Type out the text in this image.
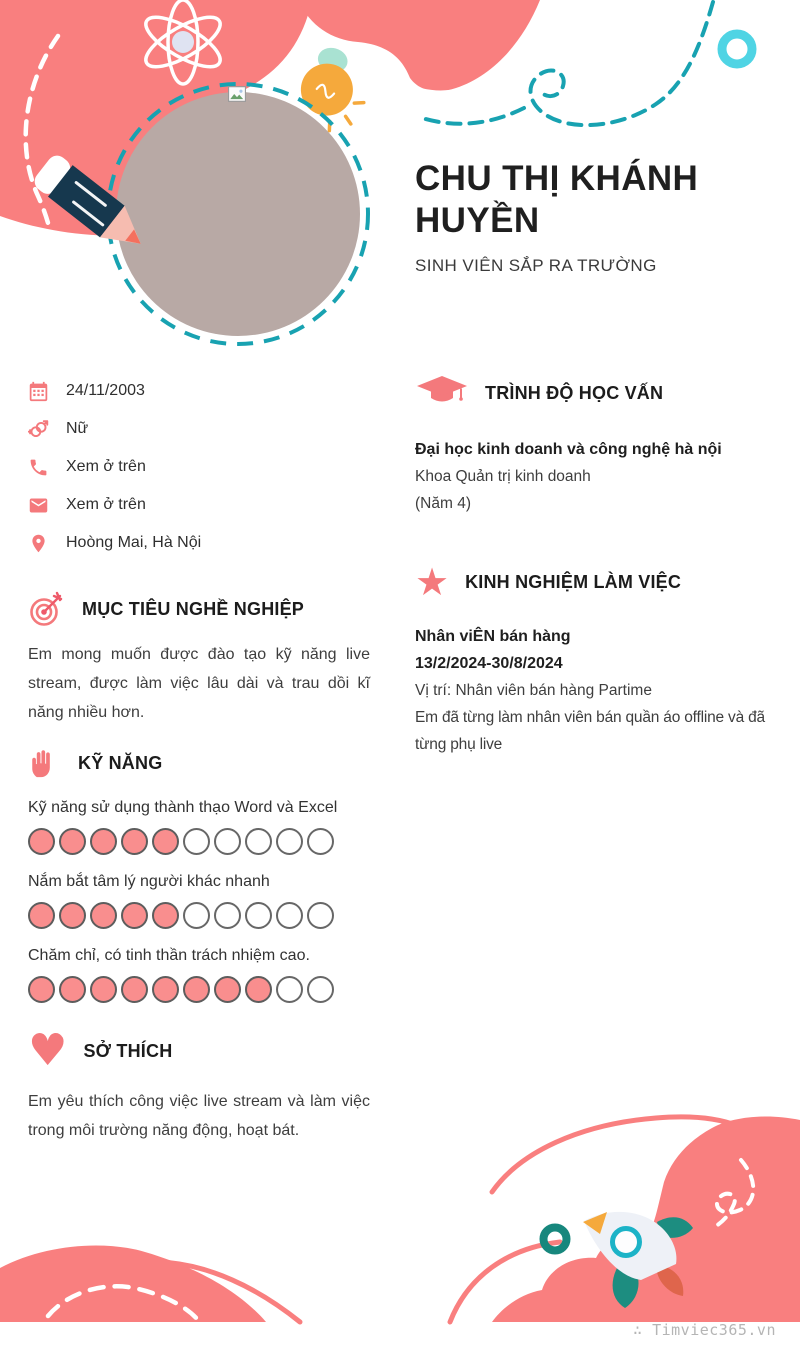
CHU THỊ KHÁNH HUYỀN
SINH VIÊN SẮP RA TRƯỜNG
24/11/2003
Nữ
Xem ở trên
Xem ở trên
Hoòng Mai, Hà Nội
MỤC TIÊU NGHỀ NGHIỆP
Em mong muốn được đào tạo kỹ năng live stream, được làm việc lâu dài và trau dồi kĩ năng nhiều hơn.
KỸ NĂNG
Kỹ năng sử dụng thành thạo Word và Excel
Nắm bắt tâm lý người khác nhanh
Chăm chỉ, có tinh thần trách nhiệm cao.
♥ SỞ THÍCH
Em yêu thích công việc live stream và làm việc trong môi trường năng động, hoạt bát.
TRÌNH ĐỘ HỌC VẤN
Đại học kinh doanh và công nghệ hà nội
Khoa Quản trị kinh doanh
(Năm 4)
★ KINH NGHIỆM LÀM VIỆC
Nhân viÊN bán hàng
13/2/2024-30/8/2024
Vị trí: Nhân viên bán hàng Partime
Em đã từng làm nhân viên bán quần áo offline và đã từng phụ live
∴ Timviec365.vn
